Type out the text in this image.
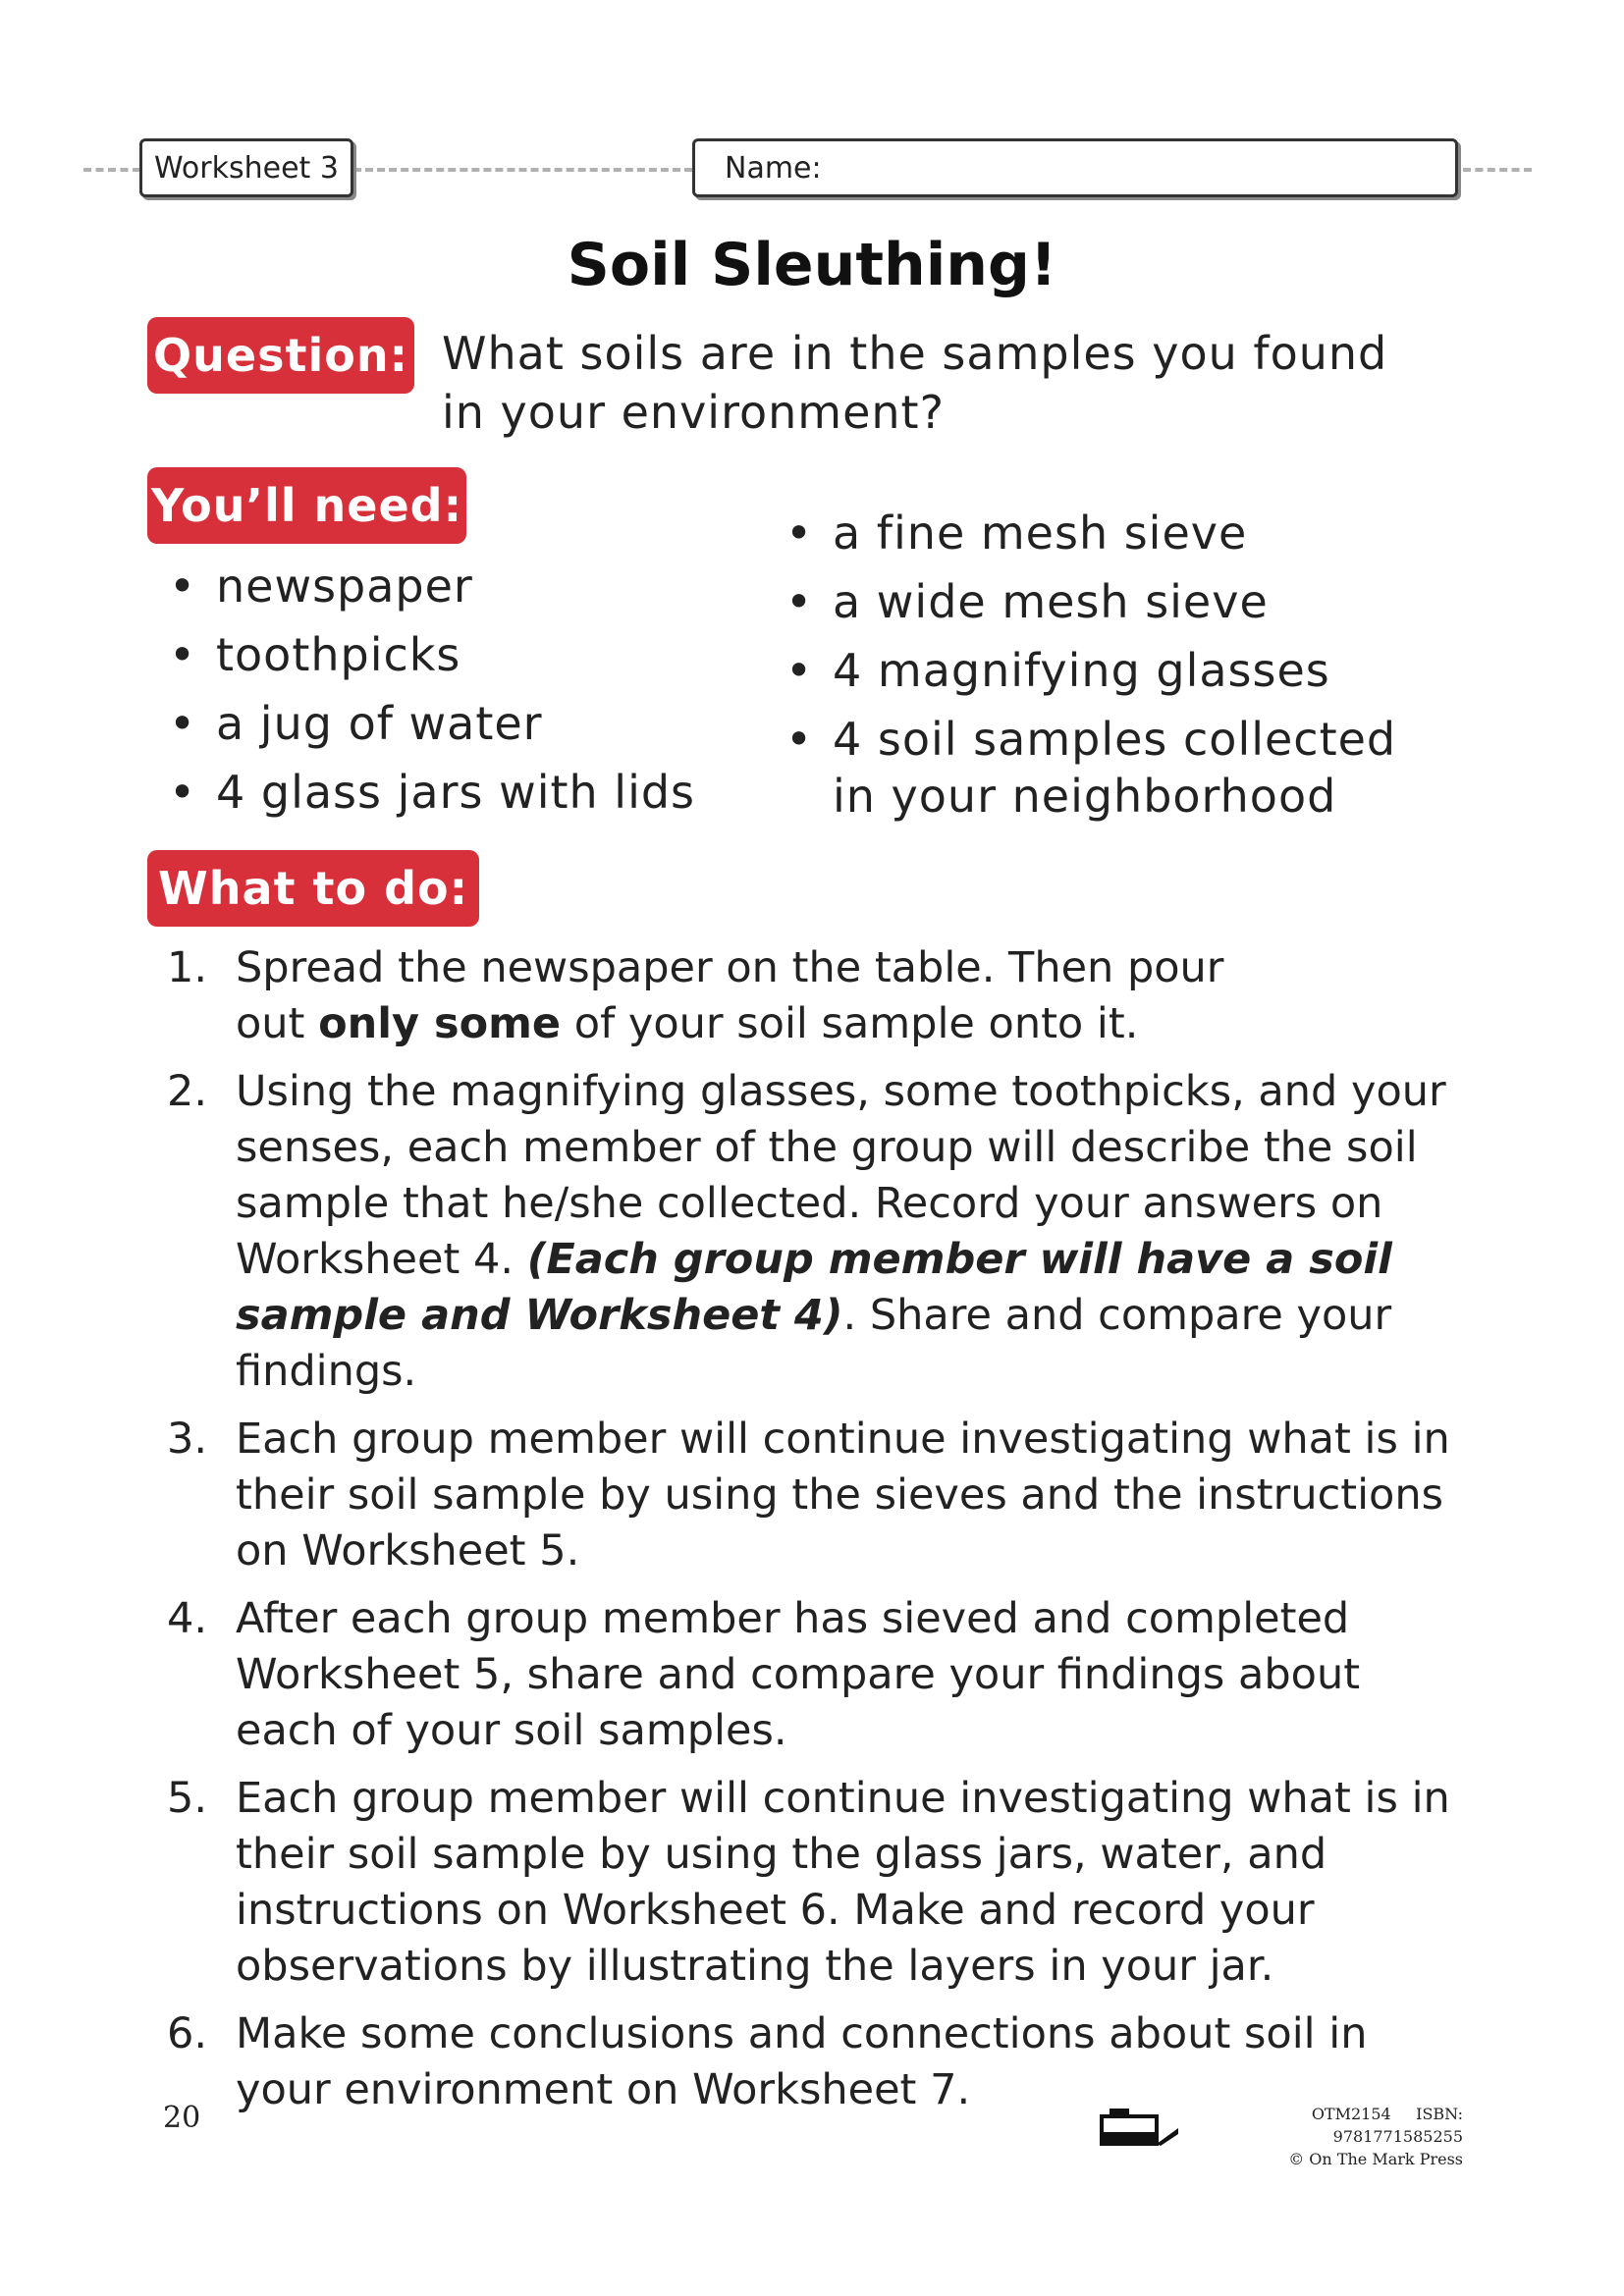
Worksheet 3	Name:
Soil Sleuthing!
Question: What soils are in the samples you found
in your environment?
You’ll need:
• newspaper
• toothpicks
• a jug of water
• 4 glass jars with lids
• a fine mesh sieve
• a wide mesh sieve
• 4 magnifying glasses
• 4 soil samples collected
in your neighborhood
What to do:
1. Spread the newspaper on the table. Then pour out only some of your soil sample onto it.
2. Using the magnifying glasses, some toothpicks, and your senses, each member of the group will describe the soil sample that he/she collected. Record your answers on Worksheet 4. (Each group member will have a soil sample and Worksheet 4). Share and compare your findings.
3. Each group member will continue investigating what is in their soil sample by using the sieves and the instructions on Worksheet 5.
4. After each group member has sieved and completed Worksheet 5, share and compare your findings about each of your soil samples.
5. Each group member will continue investigating what is in their soil sample by using the glass jars, water, and instructions on Worksheet 6. Make and record your observations by illustrating the layers in your jar.
6. Make some conclusions and connections about soil in your environment on Worksheet 7.
20	OTM2154 ISBN: 9781771585255
© On The Mark Press
